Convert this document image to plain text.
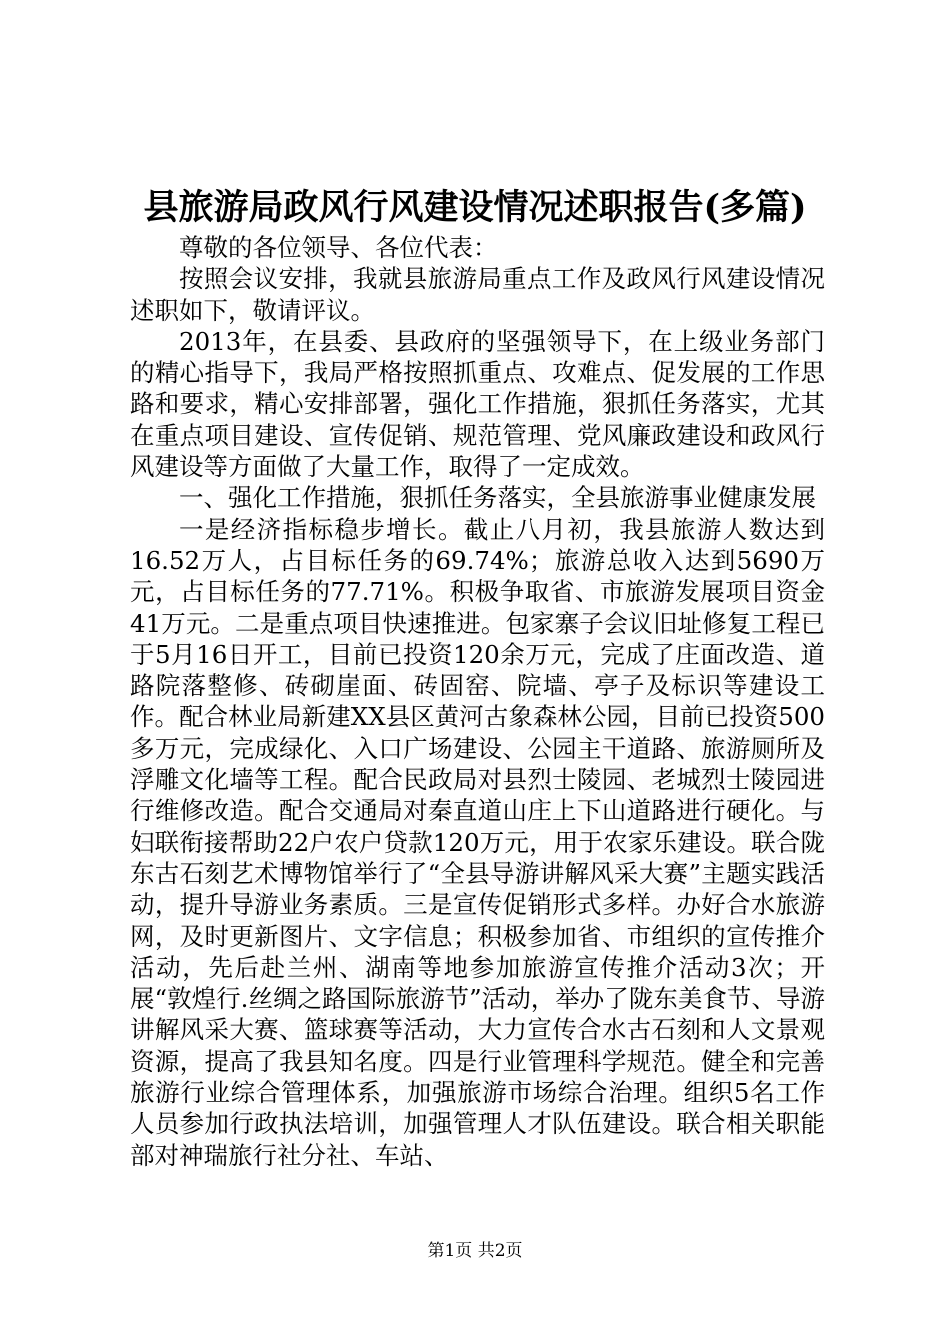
县旅游局政风行风建设情况述职报告(多篇)

尊敬的各位领导、各位代表：

按照会议安排，我就县旅游局重点工作及政风行风建设情况述职如下，敬请评议。

2013年，在县委、县政府的坚强领导下，在上级业务部门的精心指导下，我局严格按照抓重点、攻难点、促发展的工作思路和要求，精心安排部署，强化工作措施，狠抓任务落实，尤其在重点项目建设、宣传促销、规范管理、党风廉政建设和政风行风建设等方面做了大量工作，取得了一定成效。

一、强化工作措施，狠抓任务落实，全县旅游事业健康发展

一是经济指标稳步增长。截止八月初，我县旅游人数达到16.52万人，占目标任务的69.74%；旅游总收入达到5690万元，占目标任务的77.71%。积极争取省、市旅游发展项目资金41万元。二是重点项目快速推进。包家寨子会议旧址修复工程已于5月16日开工，目前已投资120余万元，完成了庄面改造、道路院落整修、砖砌崖面、砖固窑、院墙、亭子及标识等建设工作。配合林业局新建XX县区黄河古象森林公园，目前已投资500多万元，完成绿化、入口广场建设、公园主干道路、旅游厕所及浮雕文化墙等工程。配合民政局对县烈士陵园、老城烈士陵园进行维修改造。配合交通局对秦直道山庄上下山道路进行硬化。与妇联衔接帮助22户农户贷款120万元，用于农家乐建设。联合陇东古石刻艺术博物馆举行了“全县导游讲解风采大赛”主题实践活动，提升导游业务素质。三是宣传促销形式多样。办好合水旅游网，及时更新图片、文字信息；积极参加省、市组织的宣传推介活动，先后赴兰州、湖南等地参加旅游宣传推介活动3次；开展“敦煌行.丝绸之路国际旅游节”活动，举办了陇东美食节、导游讲解风采大赛、篮球赛等活动，大力宣传合水古石刻和人文景观资源，提高了我县知名度。四是行业管理科学规范。健全和完善旅游行业综合管理体系，加强旅游市场综合治理。组织5名工作人员参加行政执法培训，加强管理人才队伍建设。联合相关职能部对神瑞旅行社分社、车站、

第1页 共2页
